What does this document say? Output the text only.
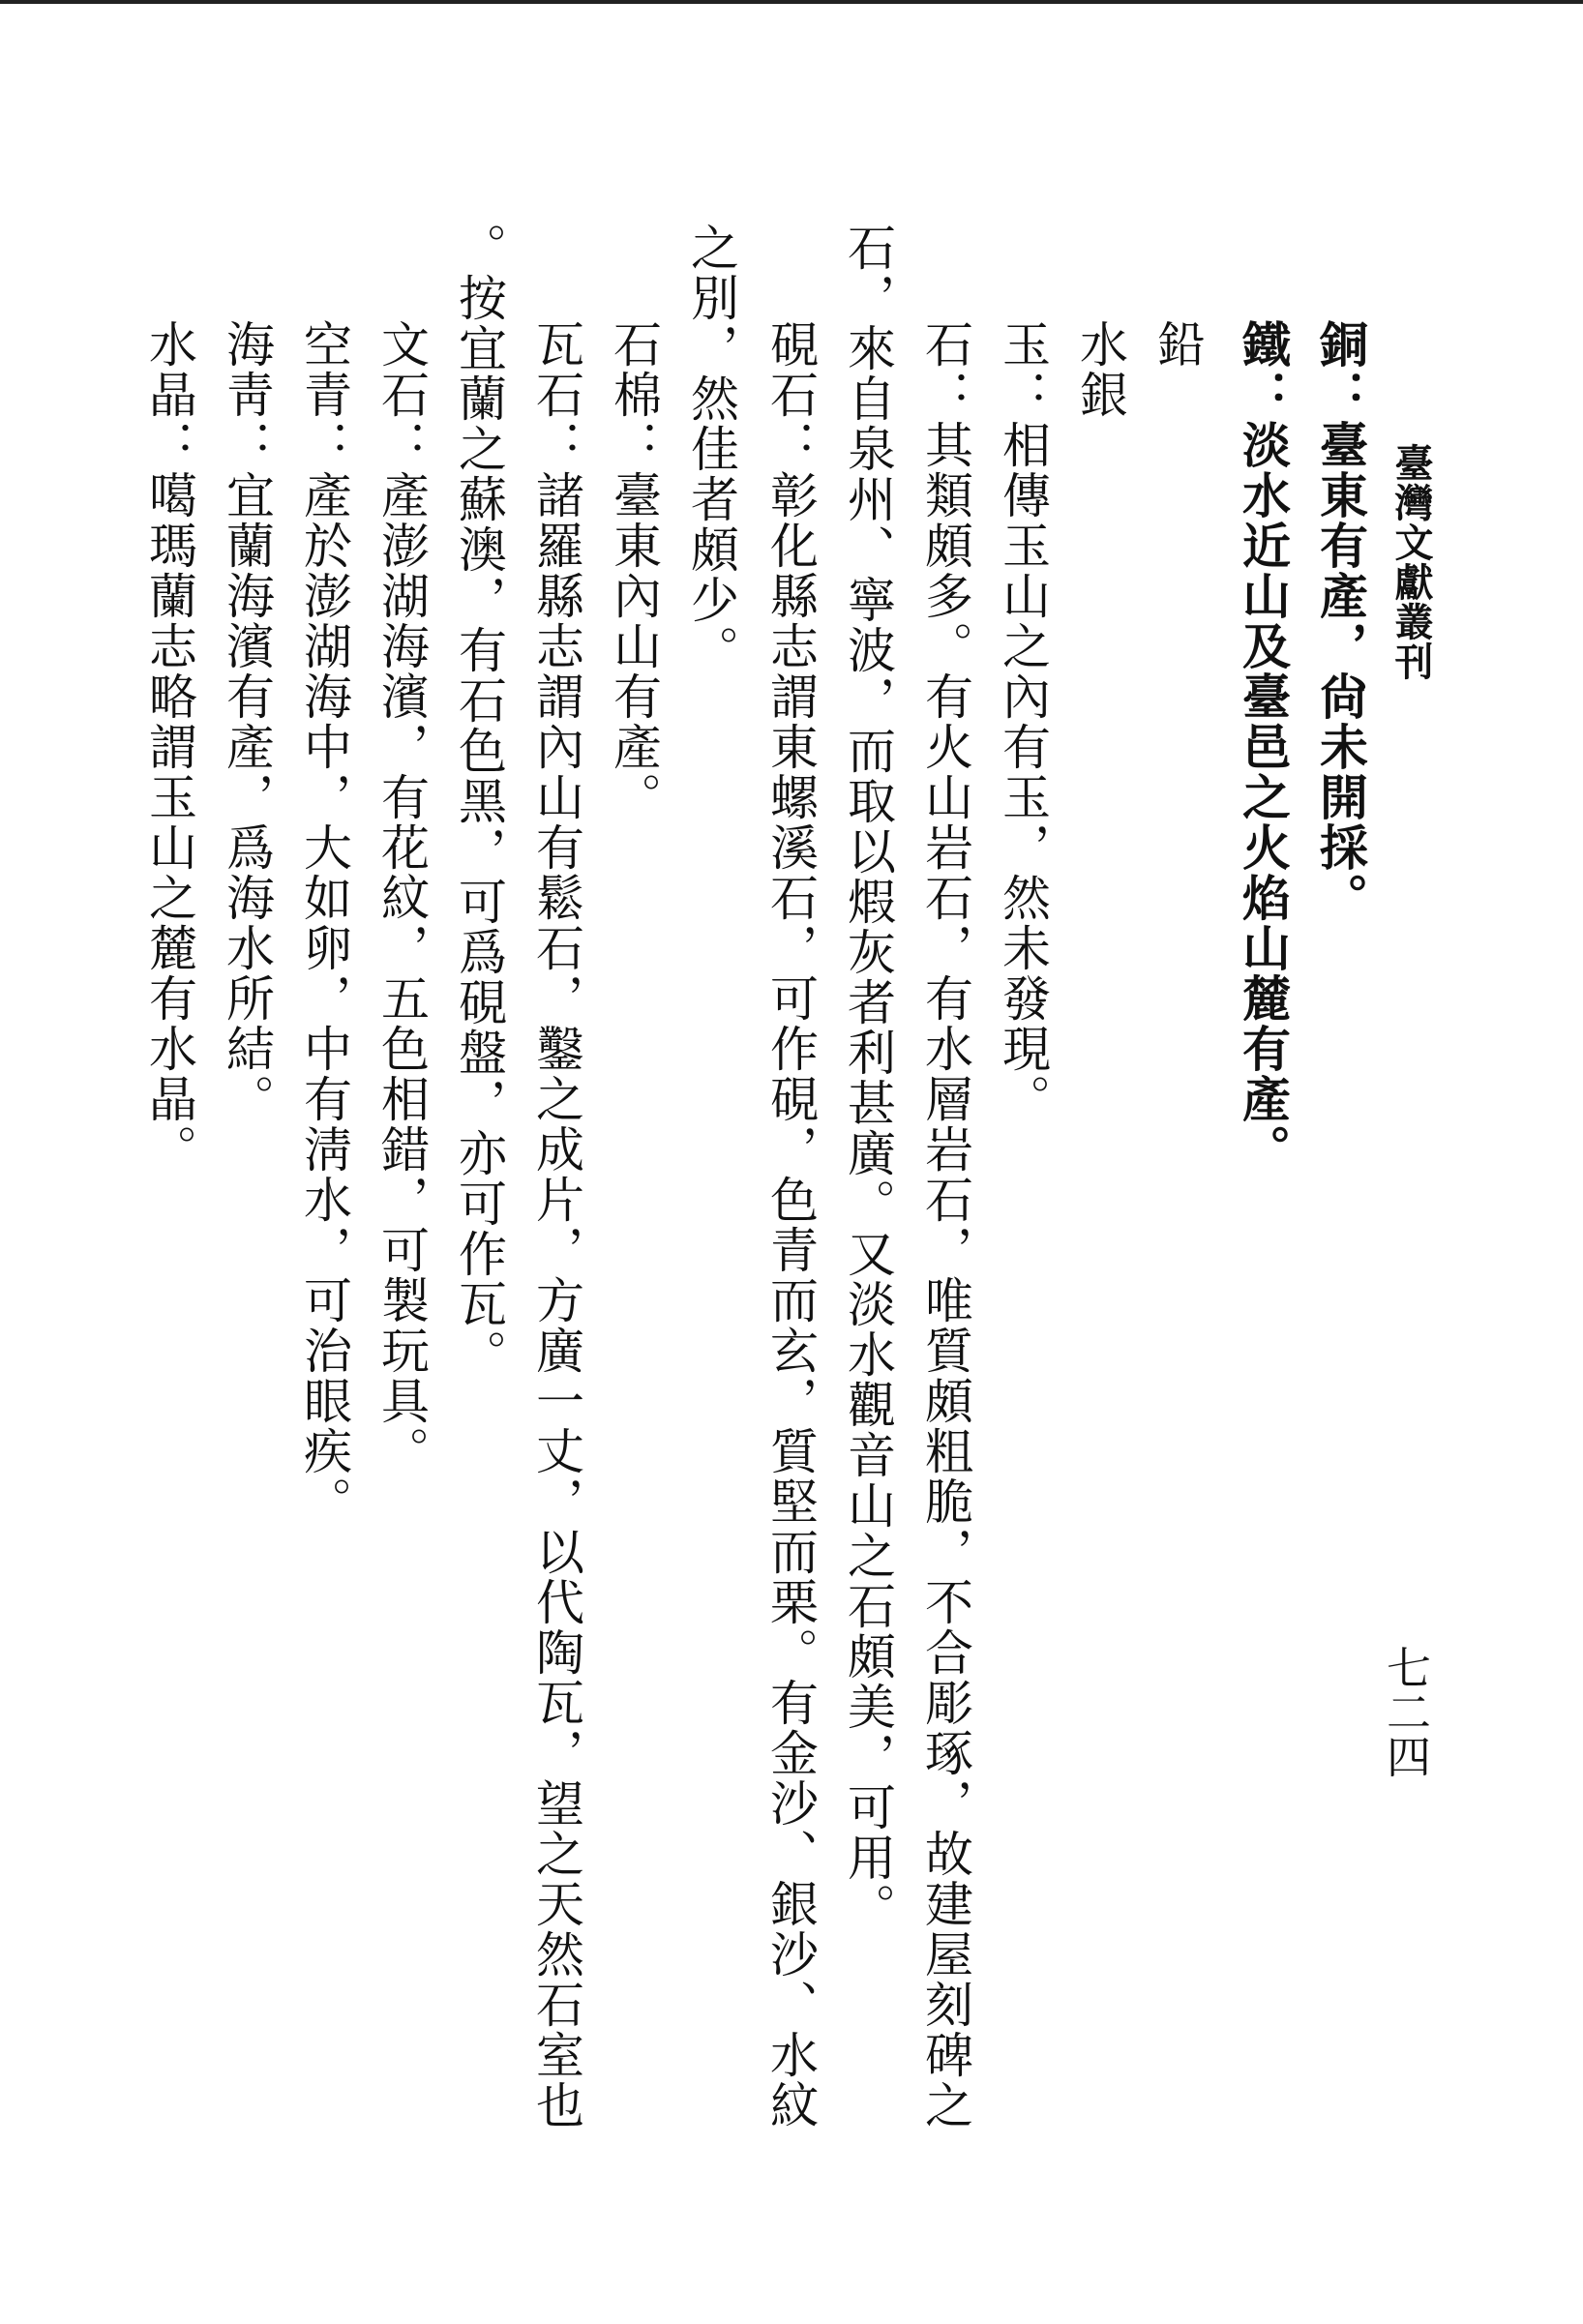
臺灣文獻叢刊
七二四
銅：臺東有產，尙未開採。
鐵：淡水近山及臺邑之火焰山麓有產。
鉛
水銀
玉：相傳玉山之內有玉，然未發現。
石：其類頗多。有火山岩石，有水層岩石，唯質頗粗脆，不合彫琢，故建屋刻碑之
石，來自泉州、寧波，而取以煆灰者利甚廣。又淡水觀音山之石頗美，可用。
硯石：彰化縣志謂東螺溪石，可作硯，色青而玄，質堅而栗。有金沙、銀沙、水紋
之別，然佳者頗少。
石棉：臺東內山有產。
瓦石：諸羅縣志謂內山有鬆石，鑿之成片，方廣一丈，以代陶瓦，望之天然石室也
。按宜蘭之蘇澳，有石色黑，可爲硯盤，亦可作瓦。
文石：產澎湖海濱，有花紋，五色相錯，可製玩具。
空青：產於澎湖海中，大如卵，中有淸水，可治眼疾。
海靑：宜蘭海濱有產，爲海水所結。
水晶：噶瑪蘭志略謂玉山之麓有水晶。
